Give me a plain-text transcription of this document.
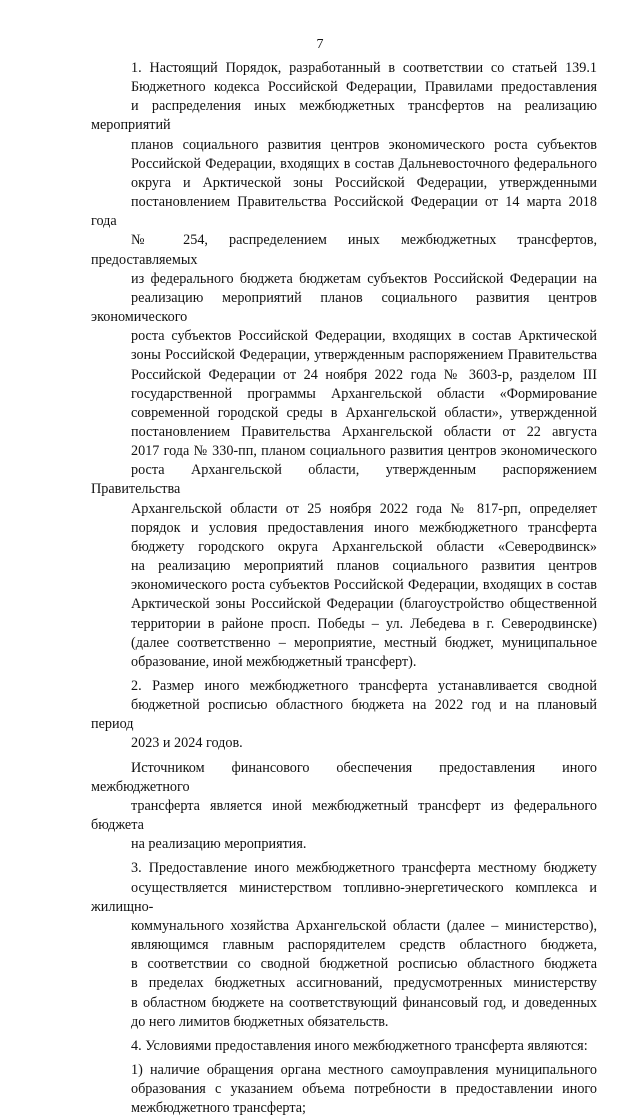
7
1. Настоящий Порядок, разработанный в соответствии со статьей 139.1
Бюджетного кодекса Российской Федерации, Правилами предоставления
и распределения иных межбюджетных трансфертов на реализацию мероприятий
планов социального развития центров экономического роста субъектов
Российской Федерации, входящих в состав Дальневосточного федерального
округа и Арктической зоны Российской Федерации, утвержденными
постановлением Правительства Российской Федерации от 14 марта 2018 года
№ 254, распределением иных межбюджетных трансфертов, предоставляемых
из федерального бюджета бюджетам субъектов Российской Федерации на
реализацию мероприятий планов социального развития центров экономического
роста субъектов Российской Федерации, входящих в состав Арктической
зоны Российской Федерации, утвержденным распоряжением Правительства
Российской Федерации от 24 ноября 2022 года № 3603-р, разделом III
государственной программы Архангельской области «Формирование
современной городской среды в Архангельской области», утвержденной
постановлением Правительства Архангельской области от 22 августа
2017 года № 330-пп, планом социального развития центров экономического
роста Архангельской области, утвержденным распоряжением Правительства
Архангельской области от 25 ноября 2022 года № 817-рп, определяет
порядок и условия предоставления иного межбюджетного трансферта
бюджету городского округа Архангельской области «Северодвинск»
на реализацию мероприятий планов социального развития центров
экономического роста субъектов Российской Федерации, входящих в состав
Арктической зоны Российской Федерации (благоустройство общественной
территории в районе просп. Победы – ул. Лебедева в г. Северодвинске)
(далее соответственно – мероприятие, местный бюджет, муниципальное
образование, иной межбюджетный трансферт).
2. Размер иного межбюджетного трансферта устанавливается сводной
бюджетной росписью областного бюджета на 2022 год и на плановый период
2023 и 2024 годов.
Источником финансового обеспечения предоставления иного межбюджетного
трансферта является иной межбюджетный трансферт из федерального бюджета
на реализацию мероприятия.
3. Предоставление иного межбюджетного трансферта местному бюджету
осуществляется министерством топливно-энергетического комплекса и жилищно-
коммунального хозяйства Архангельской области (далее – министерство),
являющимся главным распорядителем средств областного бюджета,
в соответствии со сводной бюджетной росписью областного бюджета
в пределах бюджетных ассигнований, предусмотренных министерству
в областном бюджете на соответствующий финансовый год, и доведенных
до него лимитов бюджетных обязательств.
4. Условиями предоставления иного межбюджетного трансферта являются:
1) наличие обращения органа местного самоуправления муниципального
образования с указанием объема потребности в предоставлении иного
межбюджетного трансферта;
